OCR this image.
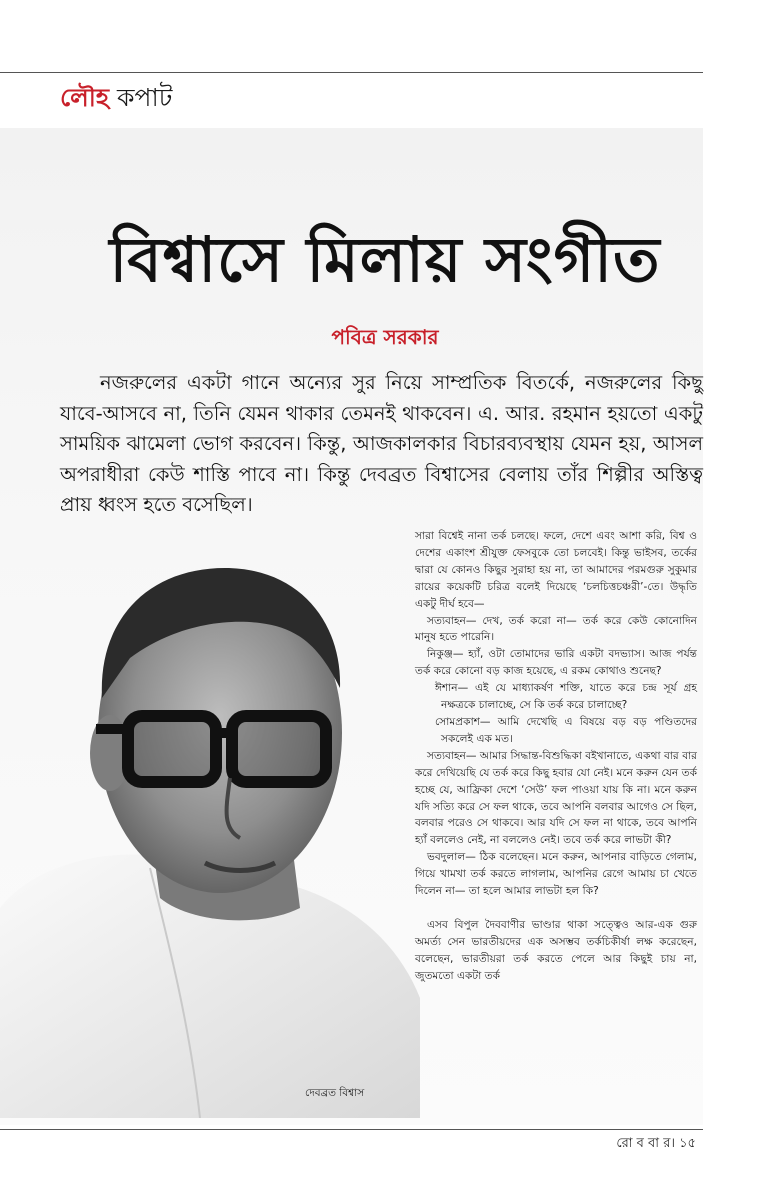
লৌহ কপাট
বিশ্বাসে মিলায় সংগীত
পবিত্র সরকার
নজরুলের একটা গানে অন্যের সুর নিয়ে সাম্প্রতিক বিতর্কে, নজরুলের কিছু যাবে-আসবে না, তিনি যেমন থাকার তেমনই থাকবেন। এ. আর. রহমান হয়তো একটু সাময়িক ঝামেলা ভোগ করবেন। কিন্তু, আজকালকার বিচারব্যবস্থায় যেমন হয়, আসল অপরাধীরা কেউ শাস্তি পাবে না। কিন্তু দেবব্রত বিশ্বাসের বেলায় তাঁর শিল্পীর অস্তিত্ব প্রায় ধ্বংস হতে বসেছিল।
দেবব্রত বিশ্বাস

সারা বিশ্বেই নানা তর্ক চলছে। ফলে, দেশে এবং আশা করি, বিশ্ব ও দেশের একাংশ শ্রীযুক্ত ফেসবুকে তো চলবেই। কিন্তু ভাইসব, তর্কের দ্বারা যে কোনও কিছুর সুরাহা হয় না, তা আমাদের পরমগুরু সুকুমার রায়ের কয়েকটি চরিত্র বলেই দিয়েছে ‘চলচিত্তচঞ্চরী’-তে। উদ্ধৃতি একটু দীর্ঘ হবে—

সত্যবাহন— দেখ, তর্ক করো না— তর্ক করে কেউ কোনোদিন মানুষ হতে পারেনি।

নিকুঞ্জ— হ্যাঁ, ওটা তোমাদের ভারি একটা বদভ্যাস। আজ পর্যন্ত তর্ক করে কোনো বড় কাজ হয়েছে, এ রকম কোথাও শুনেছ?

ঈশান— এই যে মাধ্যাকর্ষণ শক্তি, যাতে করে চন্দ্র সূর্য গ্রহ নক্ষত্রকে চালাচ্ছে, সে কি তর্ক করে চালাচ্ছে?

সোমপ্রকাশ— আমি দেখেছি এ বিষয়ে বড় বড় পণ্ডিতদের সকলেই এক মত।

সত্যবাহন— আমার সিদ্ধান্ত-বিশুদ্ধিকা বইখানাতে, একথা বার বার করে দেখিয়েছি যে তর্ক করে কিছু হবার যো নেই। মনে করুন যেন তর্ক হচ্ছে যে, আফ্রিকা দেশে ‘সেউ’ ফল পাওয়া যায় কি না। মনে করুন যদি সত্যি করে সে ফল থাকে, তবে আপনি বলবার আগেও সে ছিল, বলবার পরেও সে থাকবে। আর যদি সে ফল না থাকে, তবে আপনি হ্যাঁ বললেও নেই, না বললেও নেই। তবে তর্ক করে লাভটা কী?

ভবদুলাল— ঠিক বলেছেন। মনে করুন, আপনার বাড়িতে গেলাম, গিয়ে খামখা তর্ক করতে লাগলাম, আপনির রেগে আমায় চা খেতে দিলেন না— তা হলে আমার লাভটা হল কি?

এসব বিপুল দৈববাণীর ভাণ্ডার থাকা সত্ত্বেও আর-এক গুরু অমর্ত্য সেন ভারতীয়দের এক অসম্ভব তর্কচিকীর্ষা লক্ষ করেছেন, বলেছেন, ভারতীয়রা তর্ক করতে পেলে আর কিছুই চায় না, জুতমতো একটা তর্ক

রো ব বা র। ১৫
